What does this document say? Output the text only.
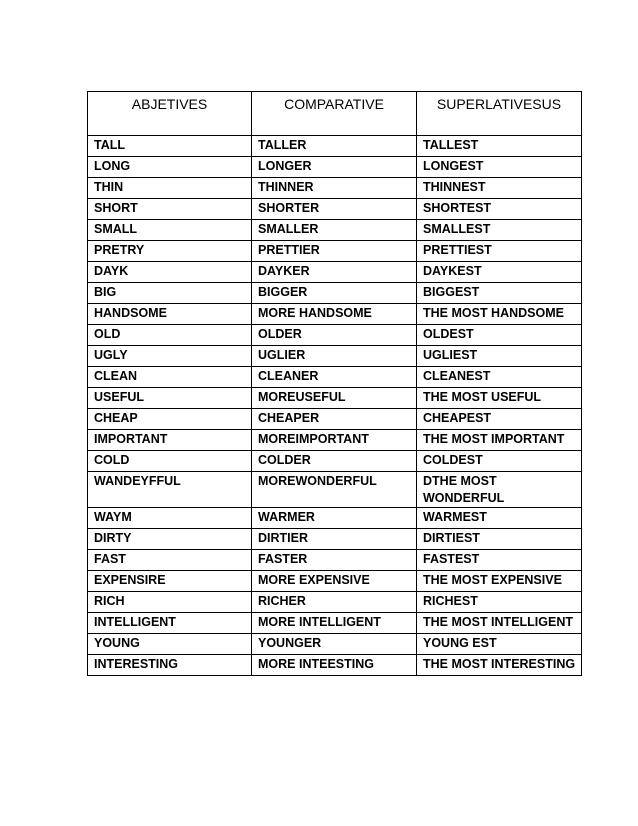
ABJETIVES	COMPARATIVE	SUPERLATIVESUS
TALL	TALLER	TALLEST
LONG	LONGER	LONGEST
THIN	THINNER	THINNEST
SHORT	SHORTER	SHORTEST
SMALL	SMALLER	SMALLEST
PRETRY	PRETTIER	PRETTIEST
DAYK	DAYKER	DAYKEST
BIG	BIGGER	BIGGEST
HANDSOME	MORE HANDSOME	THE MOST HANDSOME
OLD	OLDER	OLDEST
UGLY	UGLIER	UGLIEST
CLEAN	CLEANER	CLEANEST
USEFUL	MOREUSEFUL	THE MOST USEFUL
CHEAP	CHEAPER	CHEAPEST
IMPORTANT	MOREIMPORTANT	THE MOST IMPORTANT
COLD	COLDER	COLDEST
WANDEYFFUL	MOREWONDERFUL	DTHE MOST WONDERFUL
WAYM	WARMER	WARMEST
DIRTY	DIRTIER	DIRTIEST
FAST	FASTER	FASTEST
EXPENSIRE	MORE EXPENSIVE	THE MOST EXPENSIVE
RICH	RICHER	RICHEST
INTELLIGENT	MORE INTELLIGENT	THE MOST INTELLIGENT
YOUNG	YOUNGER	YOUNG EST
INTERESTING	MORE INTEESTING	THE MOST INTERESTING
